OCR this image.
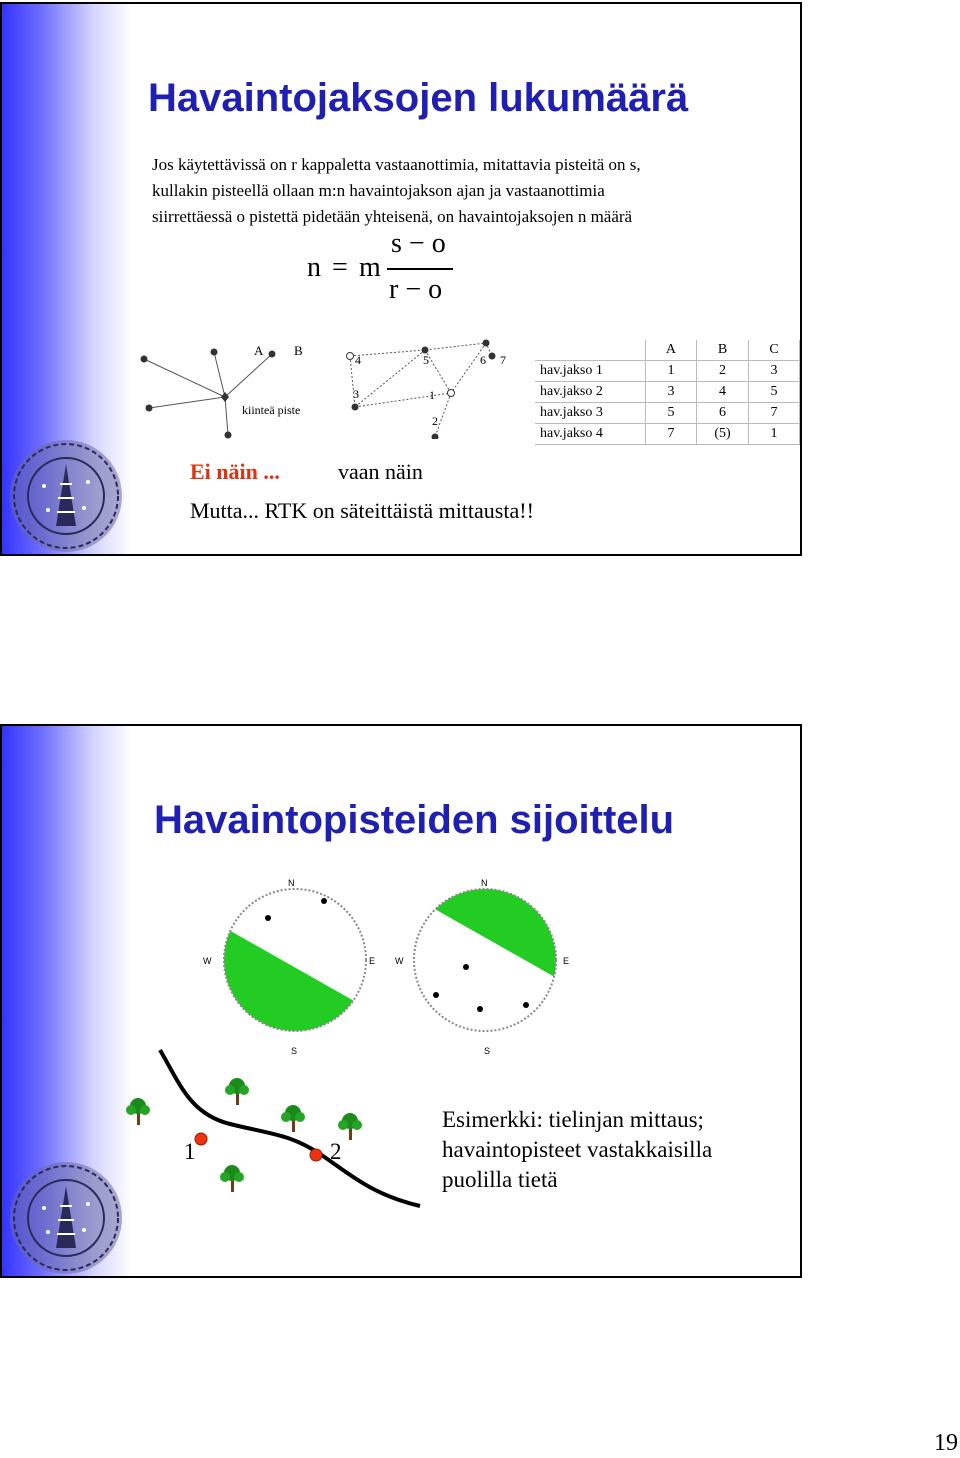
Havaintojaksojen lukumäärä
Jos käytettävissä on r kappaletta vastaanottimia, mitattavia pisteitä on s,
kullakin pisteellä ollaan m:n havaintojakson ajan ja vastaanottimia
siirrettäessä o pistettä pidetään yhteisenä, on havaintojaksojen n määrä
n = m
s − o
r − o
A B
kiinteä piste
4	5	6 7
3	1
2
	A	B	C
hav.jakso 1	1	2	3
hav.jakso 2	3	4	5
hav.jakso 3	5	6	7
hav.jakso 4	7	(5)	1
Ei näin ...	vaan näin
Mutta... RTK on säteittäistä mittausta!!
Havaintopisteiden sijoittelu
N
E
S
W
N
E
S
W
1	2
Esimerkki: tielinjan mittaus;
havaintopisteet vastakkaisilla
puolilla tietä
19
